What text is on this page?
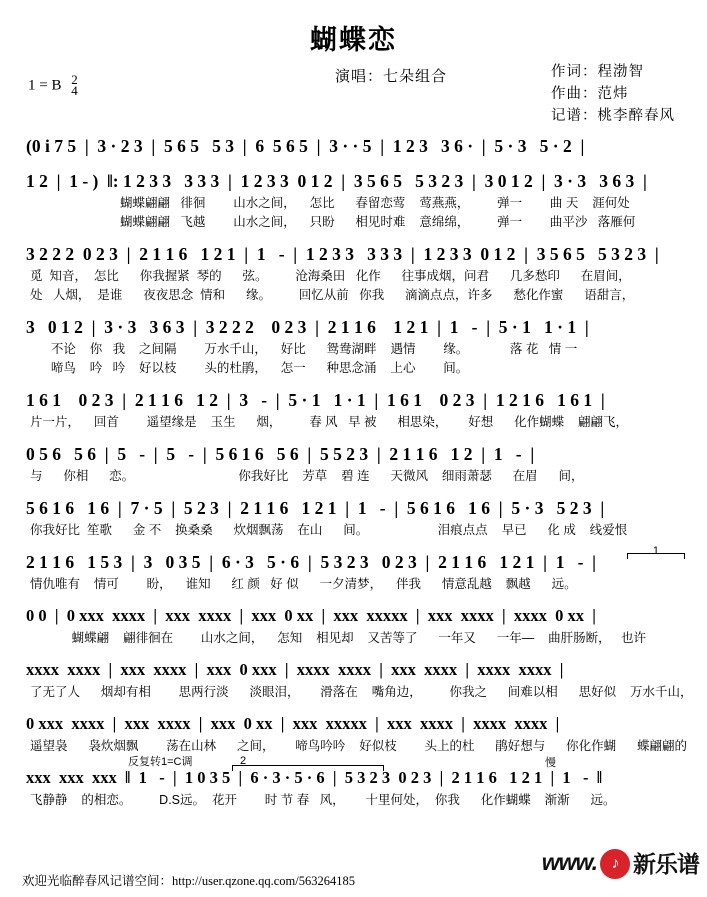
蝴蝶恋
1 = B 2
4
演唱：七朵组合	作词：程渤智
作曲：范炜
记谱：桃李醉春风
(0 i 7 5  |  3 · 2 3  |  5 6 5   5 3  |  6  5 6 5  |  3 · · 5  |  1 2 3   3 6 ·  |  5 · 3   5 · 2  |
1 2  |  1 - )  ‖: 1 2 3 3   3 3 3  |  1 2 3 3  0 1 2  |  3 5 6 5   5 3 2 3  |  3 0 1 2  |  3 · 3   3 6 3  |
蝴蝶翩翩   徘徊        山水之间，    怎比      春留恋莺    莺燕燕，        弹一        曲 天    涯何处
蝴蝶翩翩   飞越        山水之间，    只盼      相见时难    意绵绵，        弹一        曲平沙   落雁何
3 2 2 2  0 2 3  |  2 1 1 6   1 2 1  |  1   -  |  1 2 3 3   3 3 3  |  1 2 3 3  0 1 2  |  3 5 6 5   5 3 2 3  |
觅  知音，  怎比      你我握紧  琴的      弦。        沧海桑田   化作      往事成烟，问君      几多愁印      在眉间，
处   人烟，  是谁      夜夜思念  情和      缘。        回忆从前   你我      滴滴点点，许多      愁化作蜜      语甜言，
3   0 1 2  |  3 · 3   3 6 3  |  3 2 2 2    0 2 3  |  2 1 1 6    1 2 1  |  1   -  |  5 · 1   1 · 1  |
不论    你   我    之间隔        万水千山，    好比      鸳鸯湖畔    遇情        缘。            落 花   情 一
啼鸟    吟   吟    好以枝        头的杜鹃，    怎一      种思念涌    上心        间。
1 6 1    0 2 3  |  2 1 1 6   1 2  |  3   -  |  5 · 1   1 · 1  |  1 6 1    0 2 3  |  1 2 1 6   1 6 1  |
片一片，    回首        遥望缘是    玉生      烟，        春 风   早 被      相思染，      好想      化作蝴蝶    翩翩飞，
0 5 6   5 6  |  5   -  |  5   -  |  5 6 1 6   5 6  |  5 5 2 3  |  2 1 1 6   1 2  |  1   -  |
与      你相      恋。                              你我好比    芳草    碧 连      天微风    细雨萧瑟      在眉      间，
5 6 1 6   1 6  |  7 · 5  |  5 2 3  |  2 1 1 6   1 2 1  |  1   -  |  5 6 1 6   1 6  |  5 · 3   5 2 3  |
你我好比  笙歌      金 不    换桑桑      炊烟飘荡    在山      间。                    泪痕点点    早已      化 成    线爱恨
2 1 1 6   1 5 3  |  3   0 3 5  |  6 · 3   5 · 6  |  5 3 2 3   0 2 3  |  2 1 1 6   1 2 1  |  1   -  |
情仇唯有    情可        盼，    谁知      红 颜   好 似      一夕清梦，    伴我      情意乱越    飘越      远。
1
0 0  |  0 xxx  xxxx  |  xxx  xxxx  |  xxx  0 xx  |  xxx  xxxxx  |  xxx  xxxx  |  xxxx  0 xx  |
蝴蝶翩    翩徘徊在        山水之间，    怎知    相见却    又苦等了      一年又      一年—    曲肝肠断，   也许
xxxx  xxxx  |  xxx  xxxx  |  xxx  0 xxx  |  xxxx  xxxx  |  xxx  xxxx  |  xxxx  xxxx  |
了无了人      烟却有相        思两行淡      淡眼泪，      滑落在    嘴角边，        你我之      间难以相      思好似    万水千山，
0 xxx  xxxx  |  xxx  xxxx  |  xxx  0 xx  |  xxx  xxxxx  |  xxx  xxxx  |  xxxx  xxxx  |
遥望袅      袅炊烟飘        荡在山林      之间，      啼鸟吟吟    好似枝        头上的杜      鹃好想与      你化作蝴      蝶翩翩的
反复转1=C调	2	慢
xxx  xxx  xxx  ‖  1   -  |  1 0 3 5  |  6 · 3 · 5 · 6  |  5 3 2 3  0 2 3  |  2 1 1 6   1 2 1  |  1   -  ‖
飞静静    的相恋。        D.S远。  花开        时 节 春   风，      十里何处，  你我      化作蝴蝶    渐渐      远。
欢迎光临醉春风记谱空间：http://user.qzone.qq.com/563264185
www. ♪ 新乐谱
